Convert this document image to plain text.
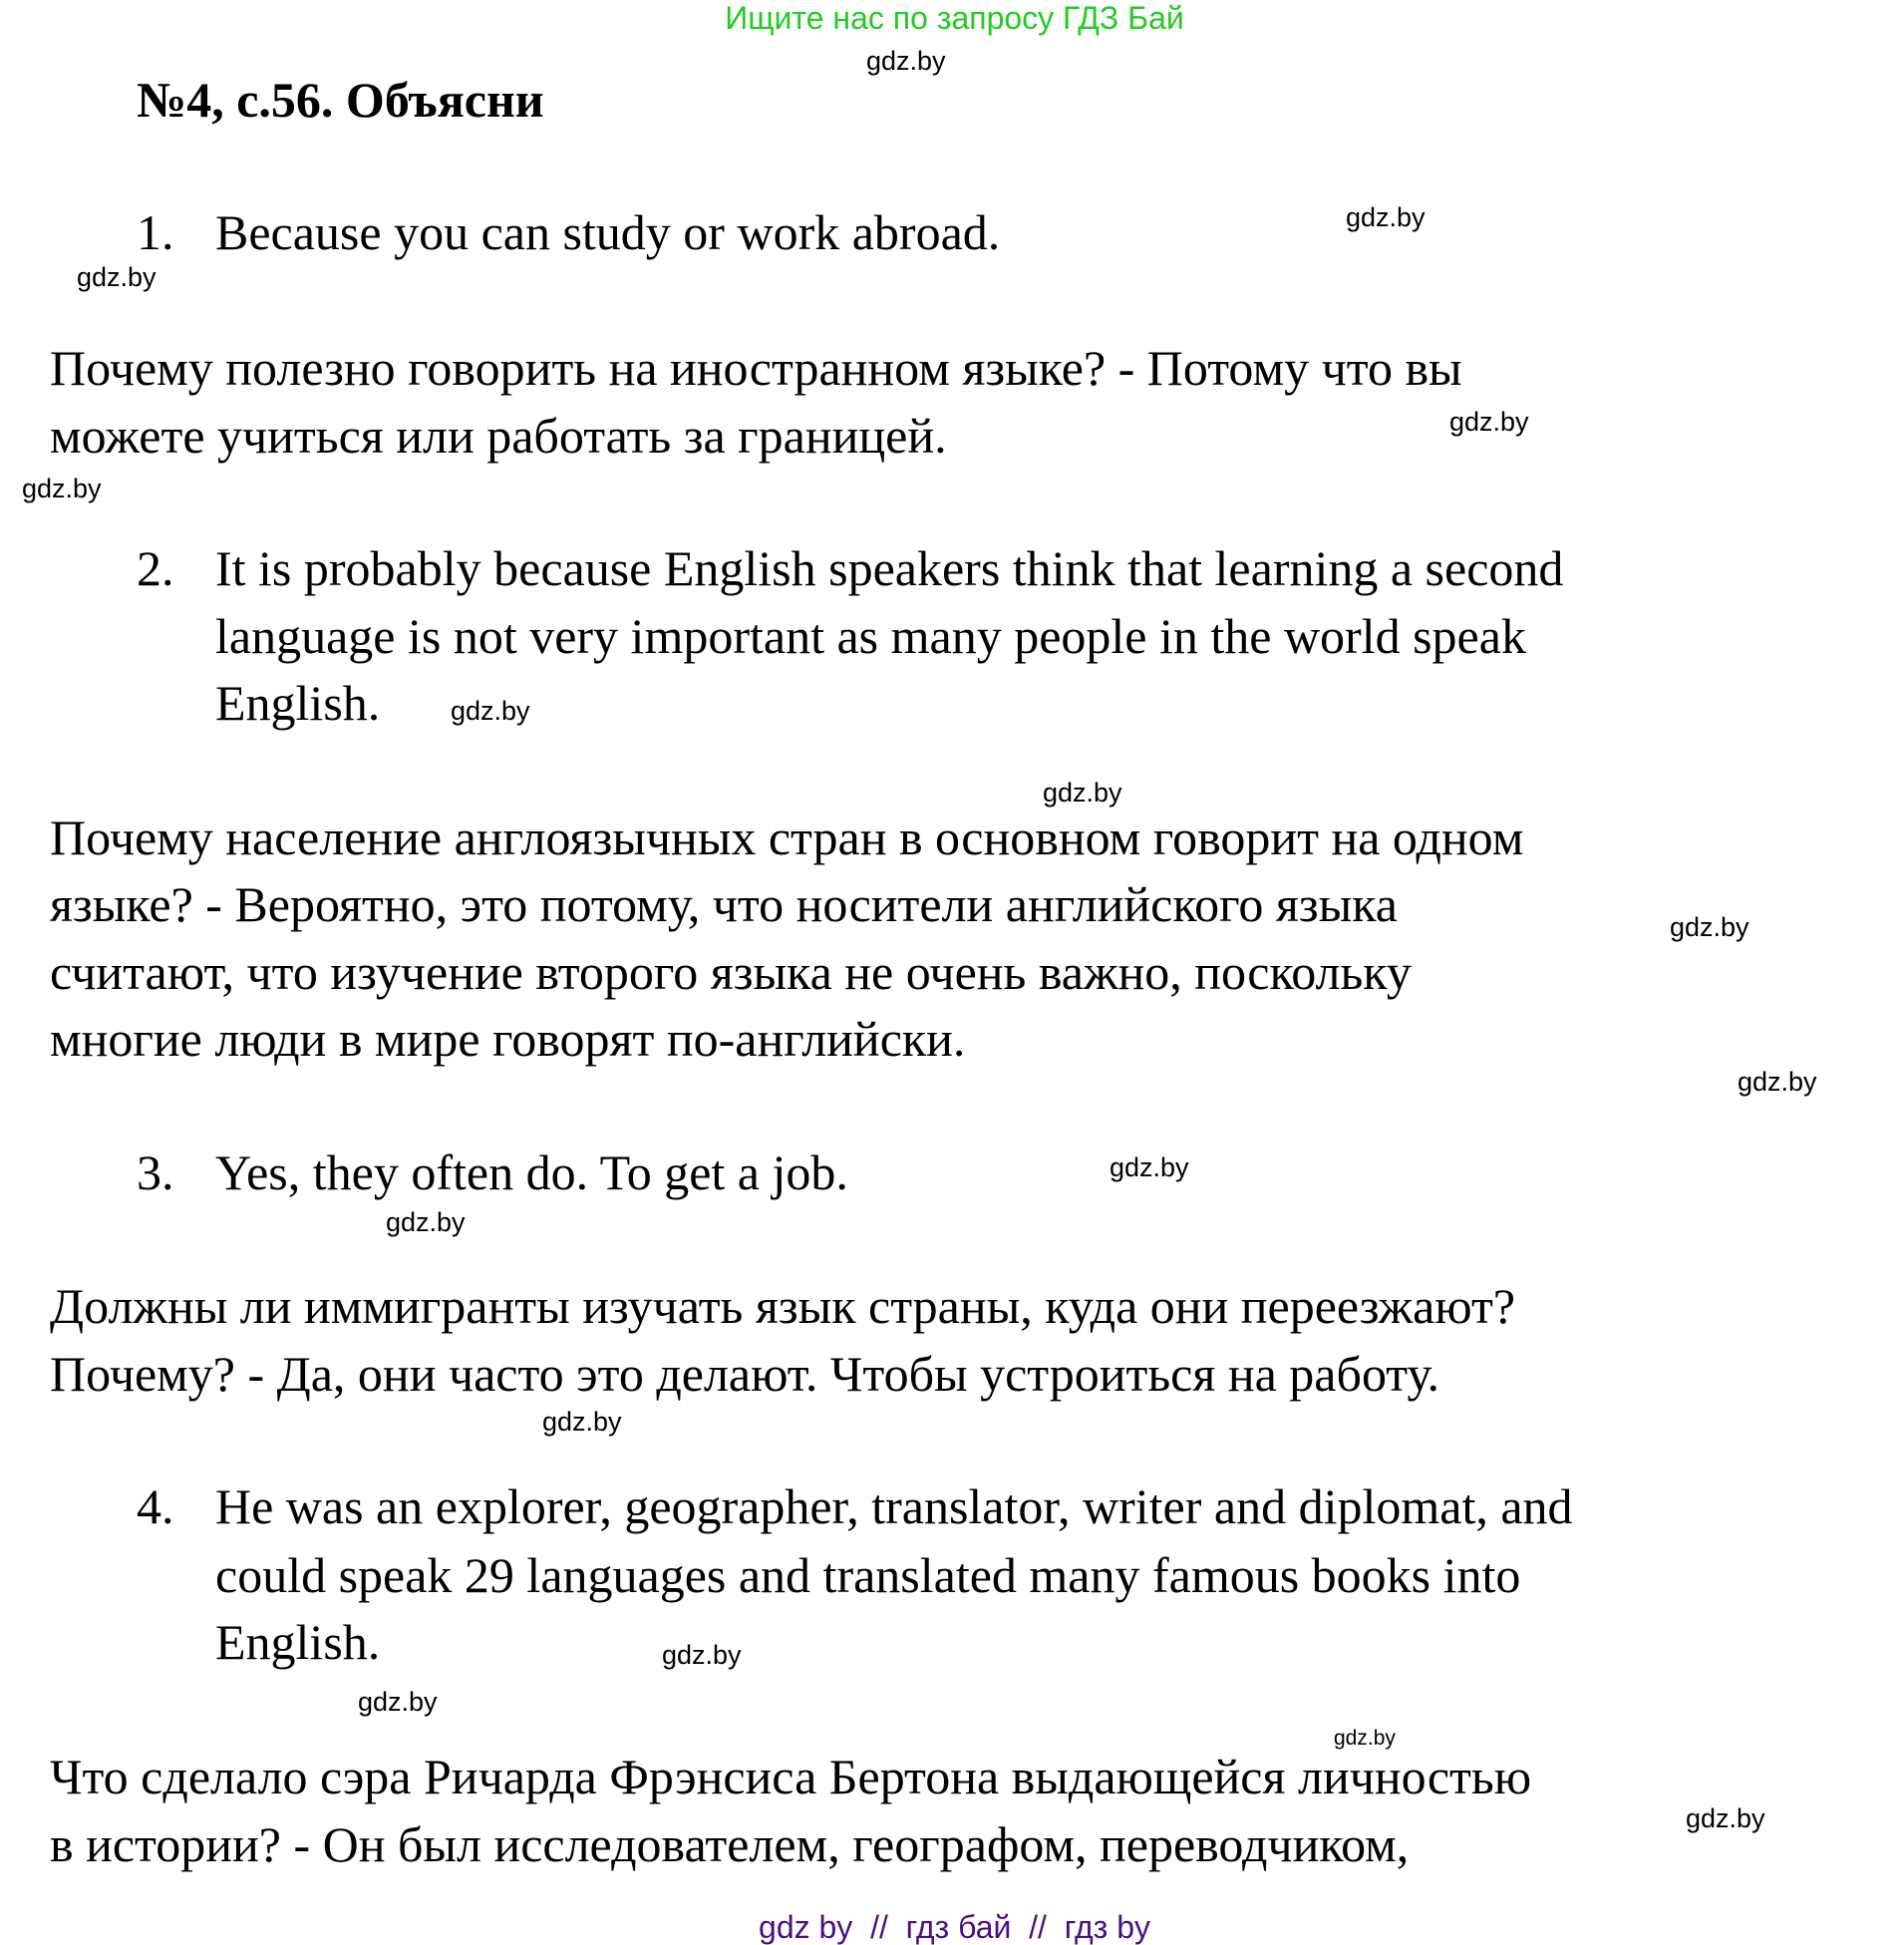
Ищите нас по запросу ГДЗ Бай
№4, с.56. Объясни
1. Because you can study or work abroad.
Почему полезно говорить на иностранном языке? - Потому что вы
можете учиться или работать за границей.
2. It is probably because English speakers think that learning a second
language is not very important as many people in the world speak
English.
Почему население англоязычных стран в основном говорит на одном
языке? - Вероятно, это потому, что носители английского языка
считают, что изучение второго языка не очень важно, поскольку
многие люди в мире говорят по-английски.
3. Yes, they often do. To get a job.
Должны ли иммигранты изучать язык страны, куда они переезжают?
Почему? - Да, они часто это делают. Чтобы устроиться на работу.
4. He was an explorer, geographer, translator, writer and diplomat, and
could speak 29 languages and translated many famous books into
English.
Что сделало сэра Ричарда Фрэнсиса Бертона выдающейся личностью
в истории? - Он был исследователем, географом, переводчиком,
gdz.by
gdz.by
gdz.by
gdz.by
gdz.by
gdz.by
gdz.by
gdz.by
gdz.by
gdz.by
gdz.by
gdz.by
gdz.by
gdz.by
gdz.by
gdz.by
gdz by  //  гдз бай  //  гдз by
